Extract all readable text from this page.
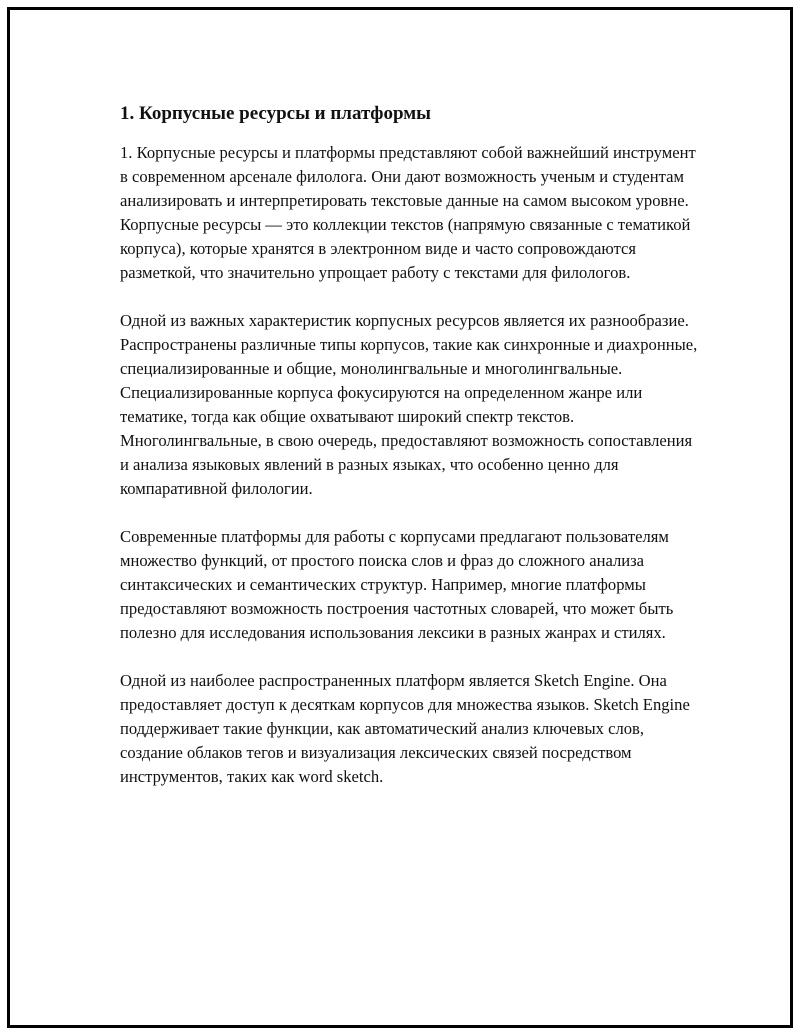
1. Корпусные ресурсы и платформы

1. Корпусные ресурсы и платформы представляют собой важнейший инструмент в современном арсенале филолога. Они дают возможность ученым и студентам анализировать и интерпретировать текстовые данные на самом высоком уровне. Корпусные ресурсы — это коллекции текстов (напрямую связанные с тематикой корпуса), которые хранятся в электронном виде и часто сопровождаются разметкой, что значительно упрощает работу с текстами для филологов.

Одной из важных характеристик корпусных ресурсов является их разнообразие. Распространены различные типы корпусов, такие как синхронные и диахронные, специализированные и общие, монолингвальные и многолингвальные. Специализированные корпуса фокусируются на определенном жанре или тематике, тогда как общие охватывают широкий спектр текстов. Многолингвальные, в свою очередь, предоставляют возможность сопоставления и анализа языковых явлений в разных языках, что особенно ценно для компаративной филологии.

Современные платформы для работы с корпусами предлагают пользователям множество функций, от простого поиска слов и фраз до сложного анализа синтаксических и семантических структур. Например, многие платформы предоставляют возможность построения частотных словарей, что может быть полезно для исследования использования лексики в разных жанрах и стилях.

Одной из наиболее распространенных платформ является Sketch Engine. Она предоставляет доступ к десяткам корпусов для множества языков. Sketch Engine поддерживает такие функции, как автоматический анализ ключевых слов, создание облаков тегов и визуализация лексических связей посредством инструментов, таких как word sketch.
